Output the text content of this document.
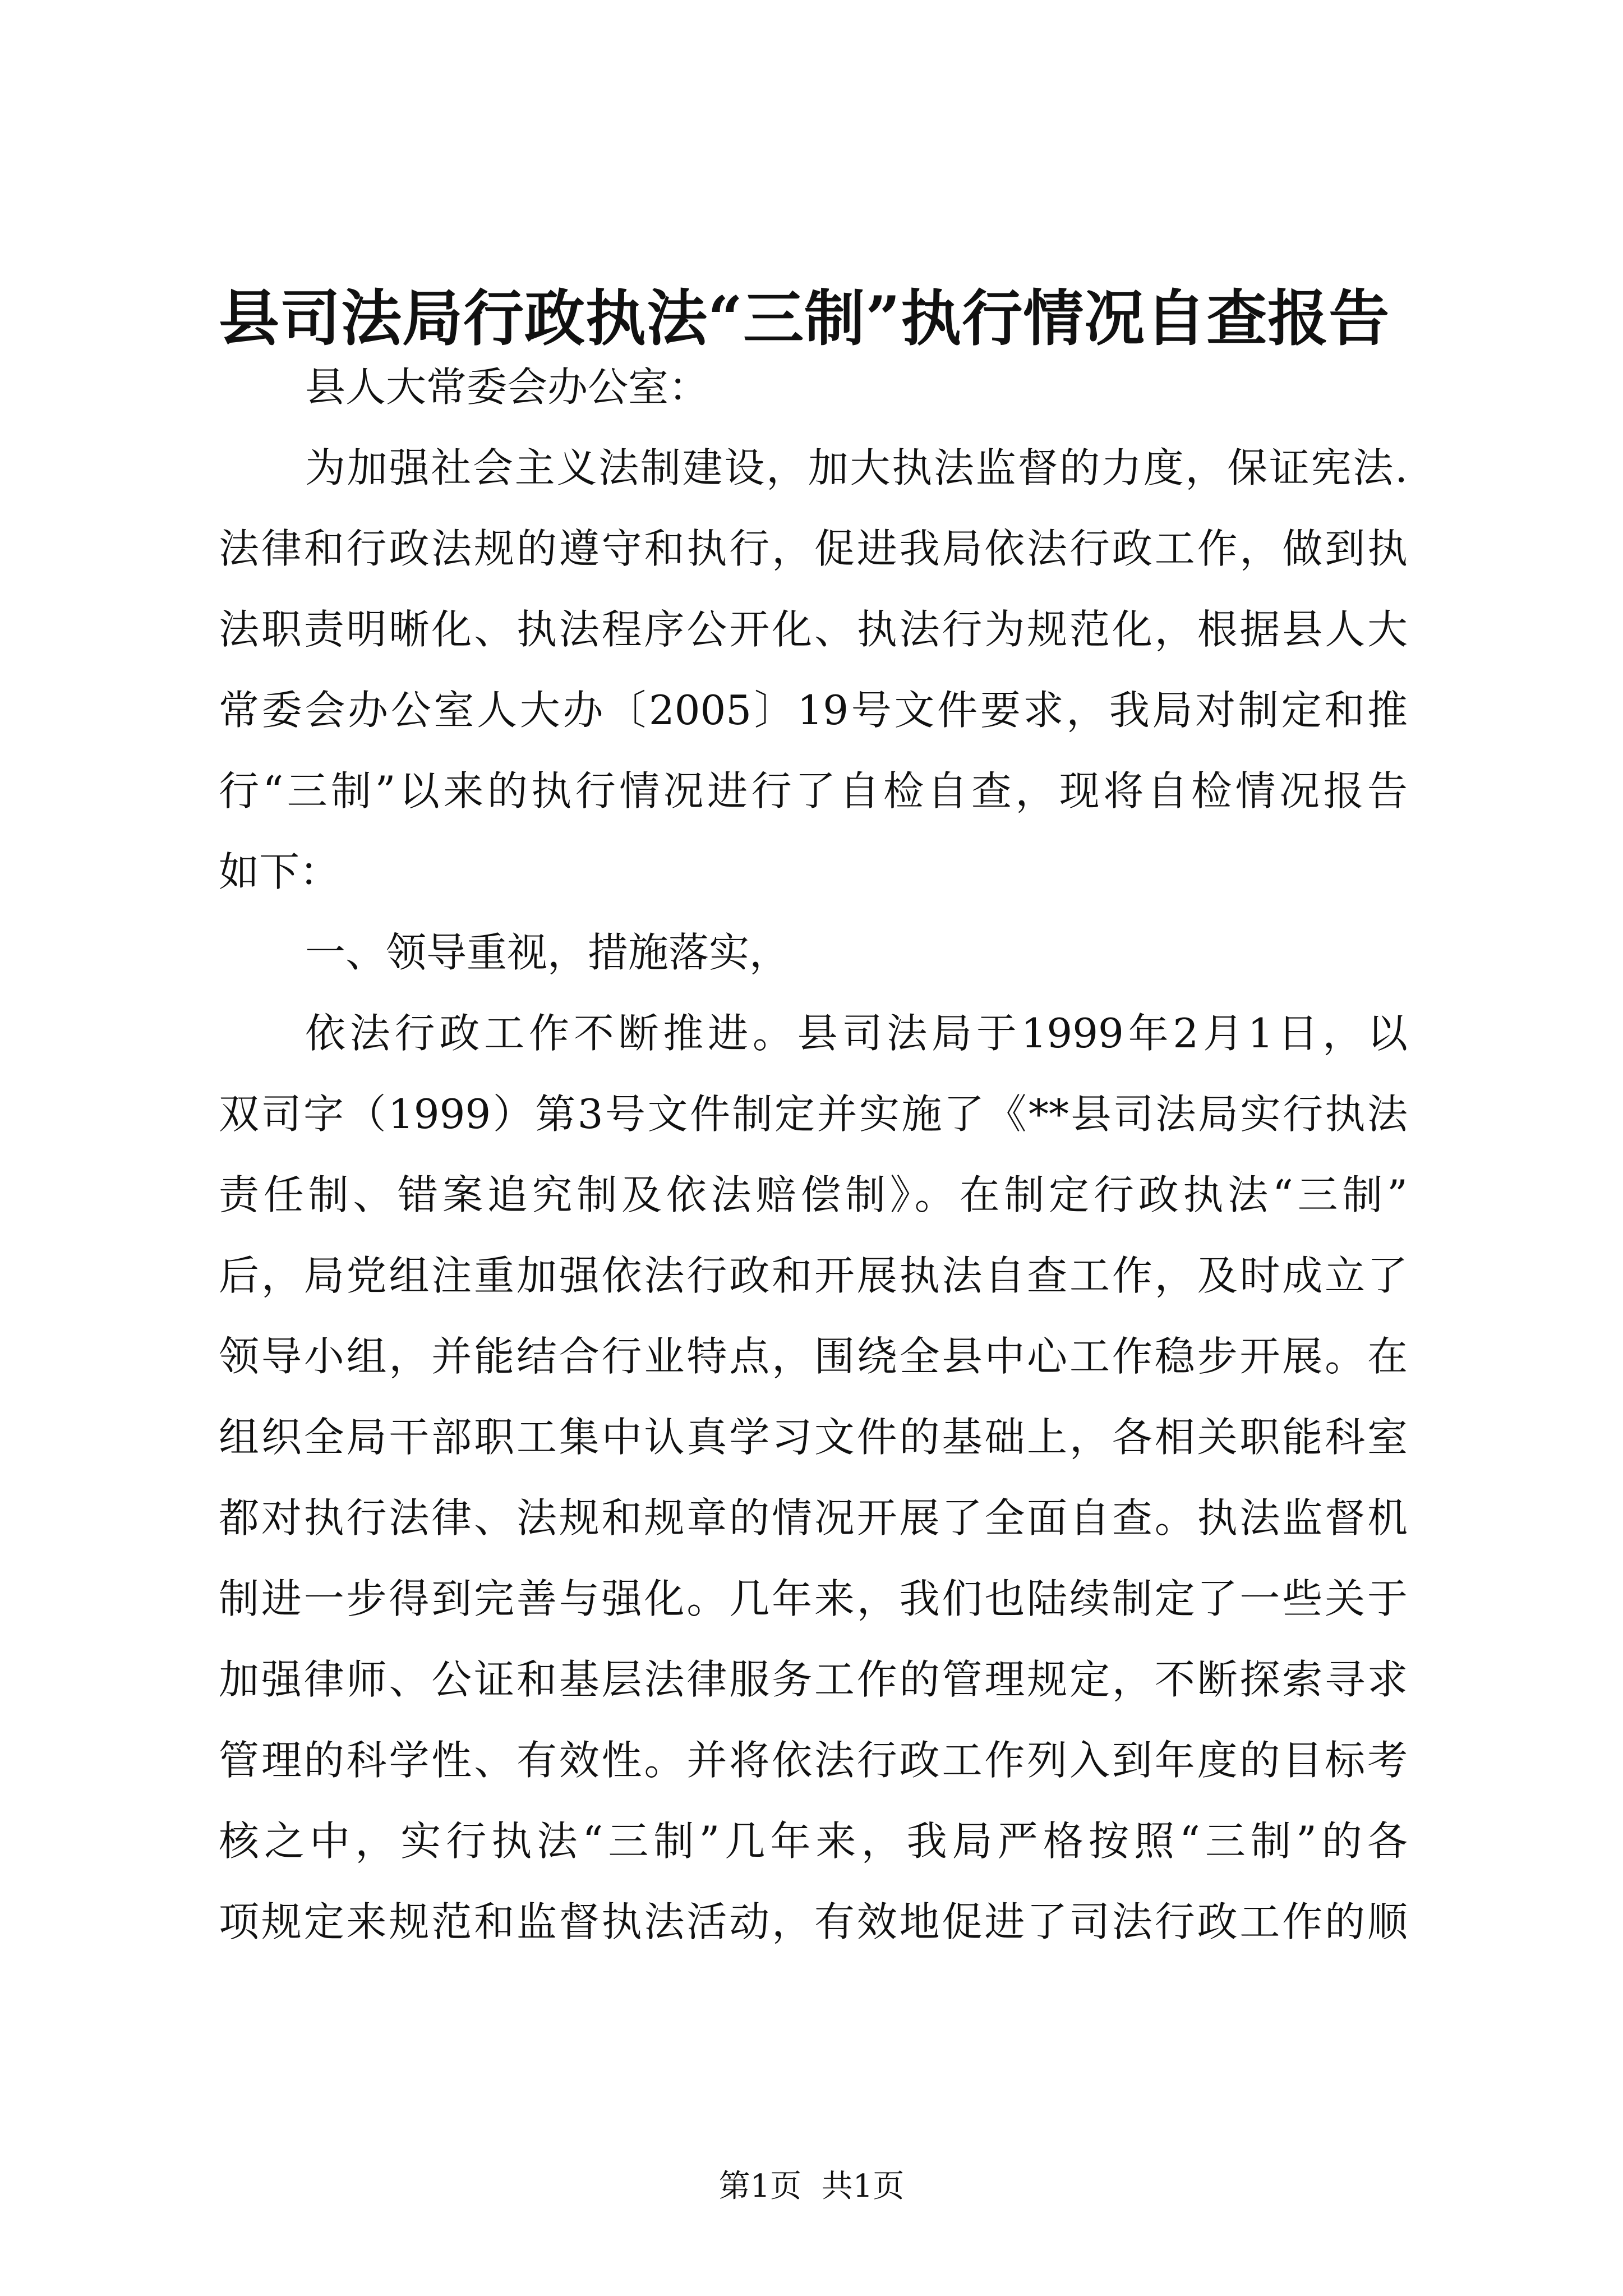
县司法局行政执法“三制”执行情况自查报告
县人大常委会办公室：
为加强社会主义法制建设，加大执法监督的力度，保证宪法.
法律和行政法规的遵守和执行，促进我局依法行政工作，做到执
法职责明晰化、执法程序公开化、执法行为规范化，根据县人大
常委会办公室人大办〔2005〕19号文件要求，我局对制定和推
行“三制”以来的执行情况进行了自检自查，现将自检情况报告
如下：
一、领导重视，措施落实，
依法行政工作不断推进。县司法局于1999年2月1日，以
双司字（1999）第3号文件制定并实施了《**县司法局实行执法
责任制、错案追究制及依法赔偿制》。在制定行政执法“三制”
后，局党组注重加强依法行政和开展执法自查工作，及时成立了
领导小组，并能结合行业特点，围绕全县中心工作稳步开展。在
组织全局干部职工集中认真学习文件的基础上，各相关职能科室
都对执行法律、法规和规章的情况开展了全面自查。执法监督机
制进一步得到完善与强化。几年来，我们也陆续制定了一些关于
加强律师、公证和基层法律服务工作的管理规定，不断探索寻求
管理的科学性、有效性。并将依法行政工作列入到年度的目标考
核之中，实行执法“三制”几年来，我局严格按照“三制”的各
项规定来规范和监督执法活动，有效地促进了司法行政工作的顺
第1页  共1页
